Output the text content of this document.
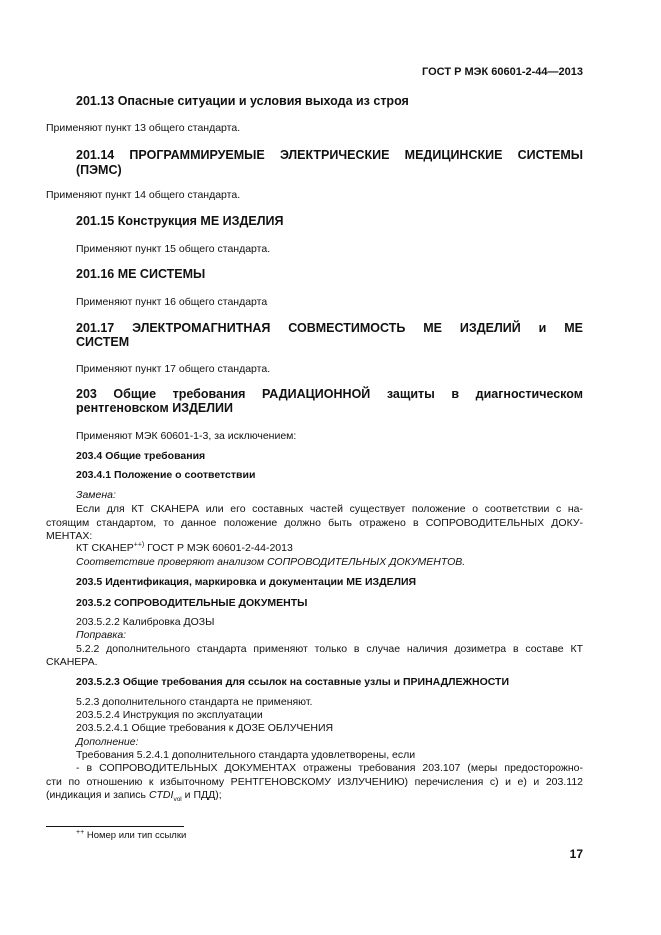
ГОСТ Р МЭК 60601-2-44—2013
201.13 Опасные ситуации и условия выхода из строя
Применяют пункт 13 общего стандарта.
201.14 ПРОГРАММИРУЕМЫЕ ЭЛЕКТРИЧЕСКИЕ МЕДИЦИНСКИЕ СИСТЕМЫ
(ПЭМС)
Применяют пункт 14 общего стандарта.
201.15 Конструкция МЕ ИЗДЕЛИЯ
Применяют пункт 15 общего стандарта.
201.16 МЕ СИСТЕМЫ
Применяют пункт 16 общего стандарта
201.17 ЭЛЕКТРОМАГНИТНАЯ СОВМЕСТИМОСТЬ МЕ ИЗДЕЛИЙ и МЕ
СИСТЕМ
Применяют пункт 17 общего стандарта.
203 Общие требования РАДИАЦИОННОЙ защиты в диагностическом
рентгеновском ИЗДЕЛИИ
Применяют МЭК 60601-1-3, за исключением:
203.4 Общие требования
203.4.1 Положение о соответствии
Замена:
Если для КТ СКАНЕРА или его составных частей существует положение о соответствии с на-
стоящим стандартом, то данное положение должно быть отражено в СОПРОВОДИТЕЛЬНЫХ ДОКУ-
МЕНТАХ:
КТ СКАНЕР++) ГОСТ Р МЭК 60601-2-44-2013
Соответствие проверяют анализом СОПРОВОДИТЕЛЬНЫХ ДОКУМЕНТОВ.
203.5 Идентификация, маркировка и документации МЕ ИЗДЕЛИЯ
203.5.2 СОПРОВОДИТЕЛЬНЫЕ ДОКУМЕНТЫ
203.5.2.2 Калибровка ДОЗЫ
Поправка:
5.2.2 дополнительного стандарта применяют только в случае наличия дозиметра в составе КТ
СКАНЕРА.
203.5.2.3 Общие требования для ссылок на составные узлы и ПРИНАДЛЕЖНОСТИ
5.2.3 дополнительного стандарта не применяют.
203.5.2.4 Инструкция по эксплуатации
203.5.2.4.1 Общие требования к ДОЗЕ ОБЛУЧЕНИЯ
Дополнение:
Требования 5.2.4.1 дополнительного стандарта удовлетворены, если
- в СОПРОВОДИТЕЛЬНЫХ ДОКУМЕНТАХ отражены требования 203.107 (меры предосторожно-
сти по отношению к избыточному РЕНТГЕНОВСКОМУ ИЗЛУЧЕНИЮ) перечисления с) и е) и 203.112
(индикация и запись $CTDI_{vol}$ и ПДД);
++ Номер или тип ссылки
17
